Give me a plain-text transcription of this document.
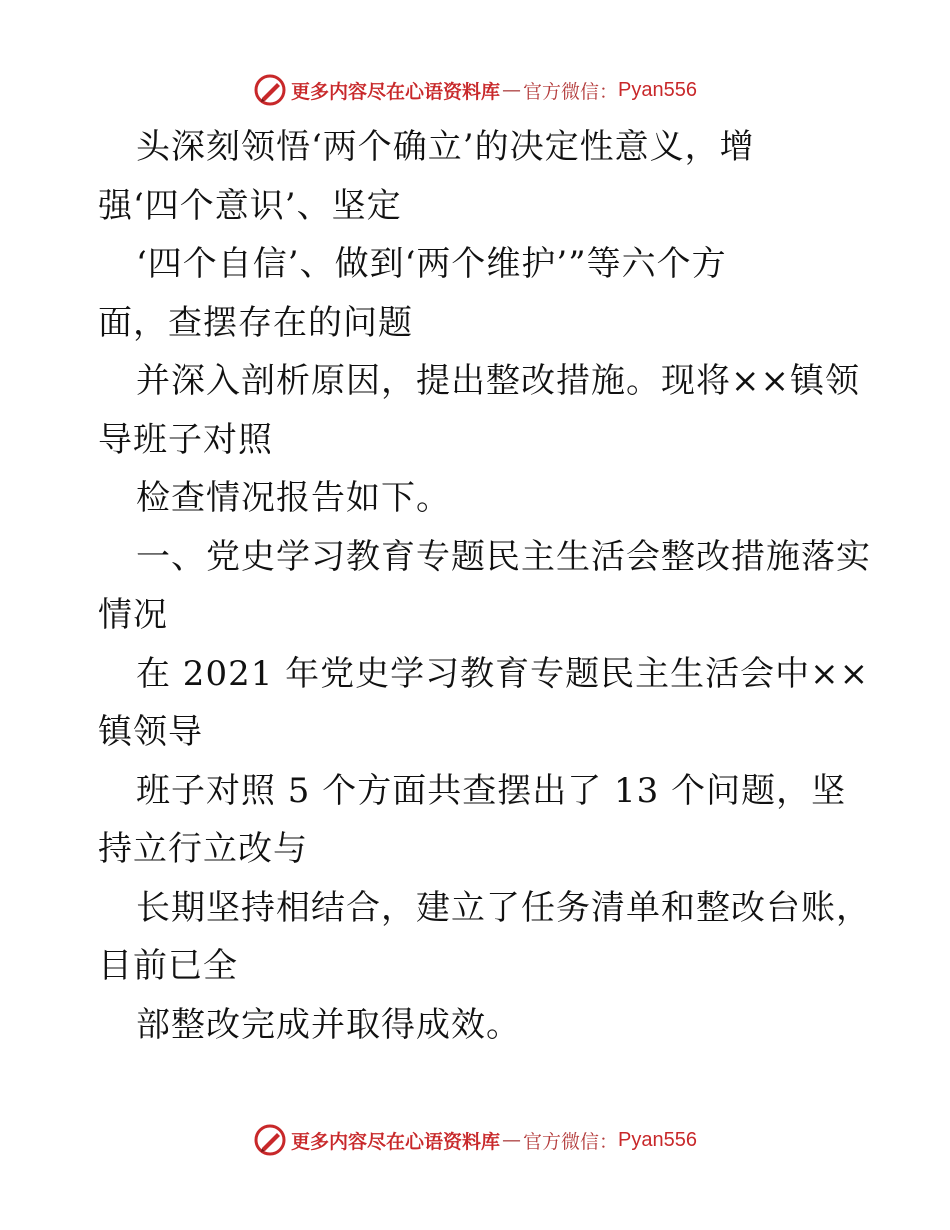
更多内容尽在心语资料库 — 官方微信： Pyan556
头深刻领悟‘两个确立’的决定性意义，增
强‘四个意识’、坚定
‘四个自信’、做到‘两个维护’”等六个方
面，查摆存在的问题
并深入剖析原因，提出整改措施。现将××镇领
导班子对照
检查情况报告如下。
一、党史学习教育专题民主生活会整改措施落实
情况
在 2021 年党史学习教育专题民主生活会中××
镇领导
班子对照 5 个方面共查摆出了 13 个问题，坚
持立行立改与
长期坚持相结合，建立了任务清单和整改台账，
目前已全
部整改完成并取得成效。
更多内容尽在心语资料库 — 官方微信： Pyan556
